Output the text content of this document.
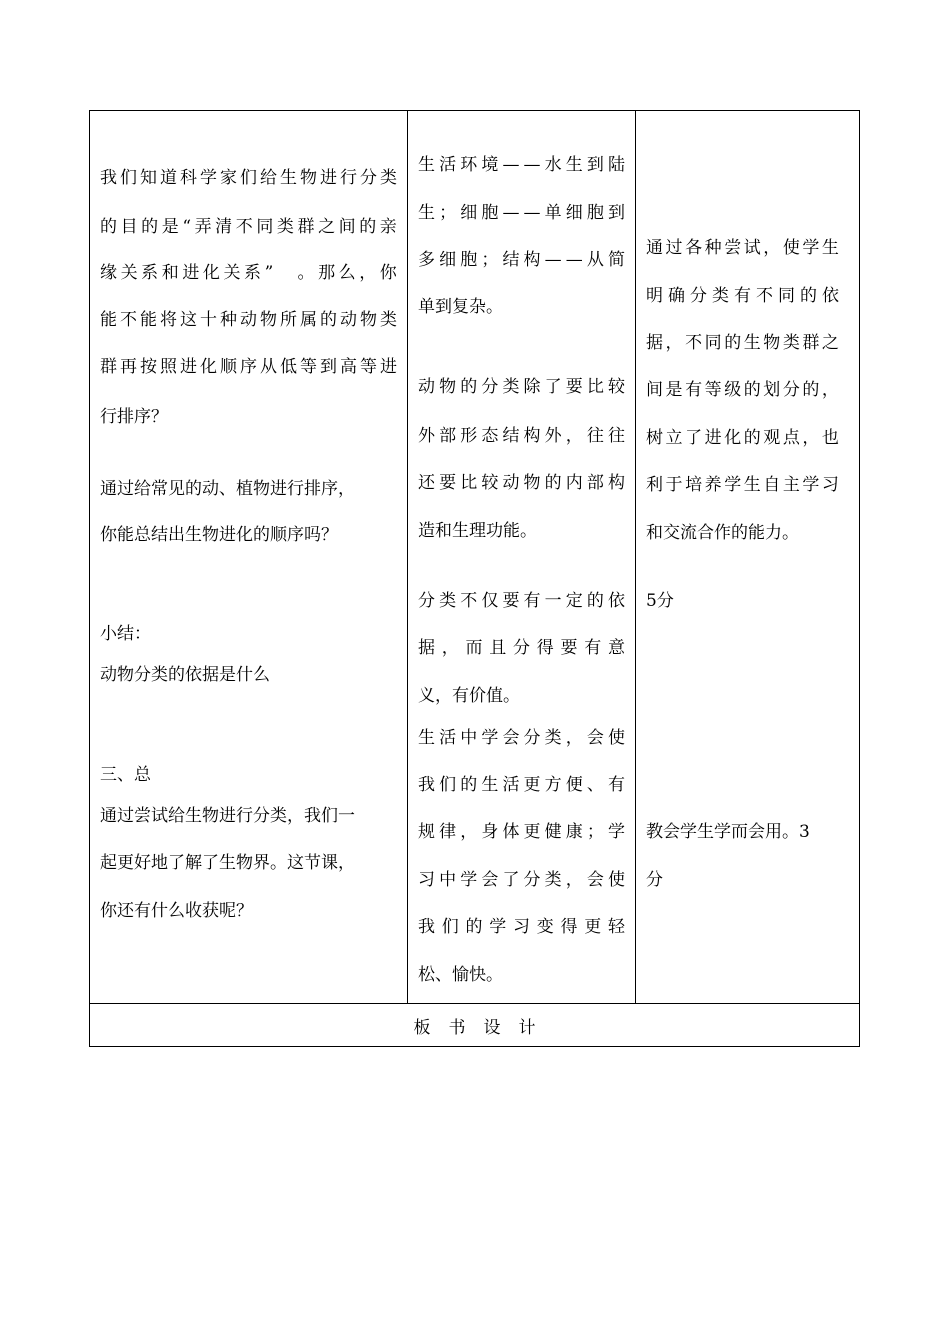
我 们 知 道 科 学 家 们 给 生 物 进 行 分 类
的 目 的 是 “ 弄 清 不 同 类 群 之 间 的 亲
缘 关 系 和 进 化 关 系 ”
　 。 那 么 ， 你
能 不 能 将 这 十 种 动 物 所 属 的 动 物 类
群 再 按 照 进 化 顺 序 从 低 等 到 高 等 进
行排序？
通过给常见的动、植物进行排序，
你能总结出生物进化的顺序吗？
小结：
动物分类的依据是什么
三、总
通过尝试给生物进行分类，我们一
起更好地了解了生物界。这节课，
你还有什么收获呢？
生 活 环 境 — — 水 生 到 陆
生 ； 细 胞 — — 单 细 胞 到
多 细 胞 ； 结 构 — — 从 简
单到复杂。
动 物 的 分 类 除 了 要 比 较
外 部 形 态 结 构 外 ， 往 往
还 要 比 较 动 物 的 内 部 构
造和生理功能。
分 类 不 仅 要 有 一 定 的 依
据 ， 而 且 分 得 要 有 意
义，有价值。
生 活 中 学 会 分 类 ， 会 使
我 们 的 生 活 更 方 便 、 有
规 律 ， 身 体 更 健 康 ； 学
习 中 学 会 了 分 类 ， 会 使
我 们 的 学 习 变 得 更 轻
松、愉快。
通 过 各 种 尝 试 ， 使 学 生
明 确 分 类 有 不 同 的 依
据 ， 不 同 的 生 物 类 群 之
间 是 有 等 级 的 划 分 的 ，
树 立 了 进 化 的 观 点 ， 也
利 于 培 养 学 生 自 主 学 习
和交流合作的能力。
5分
教会学生学而会用。3
分
板书设计
